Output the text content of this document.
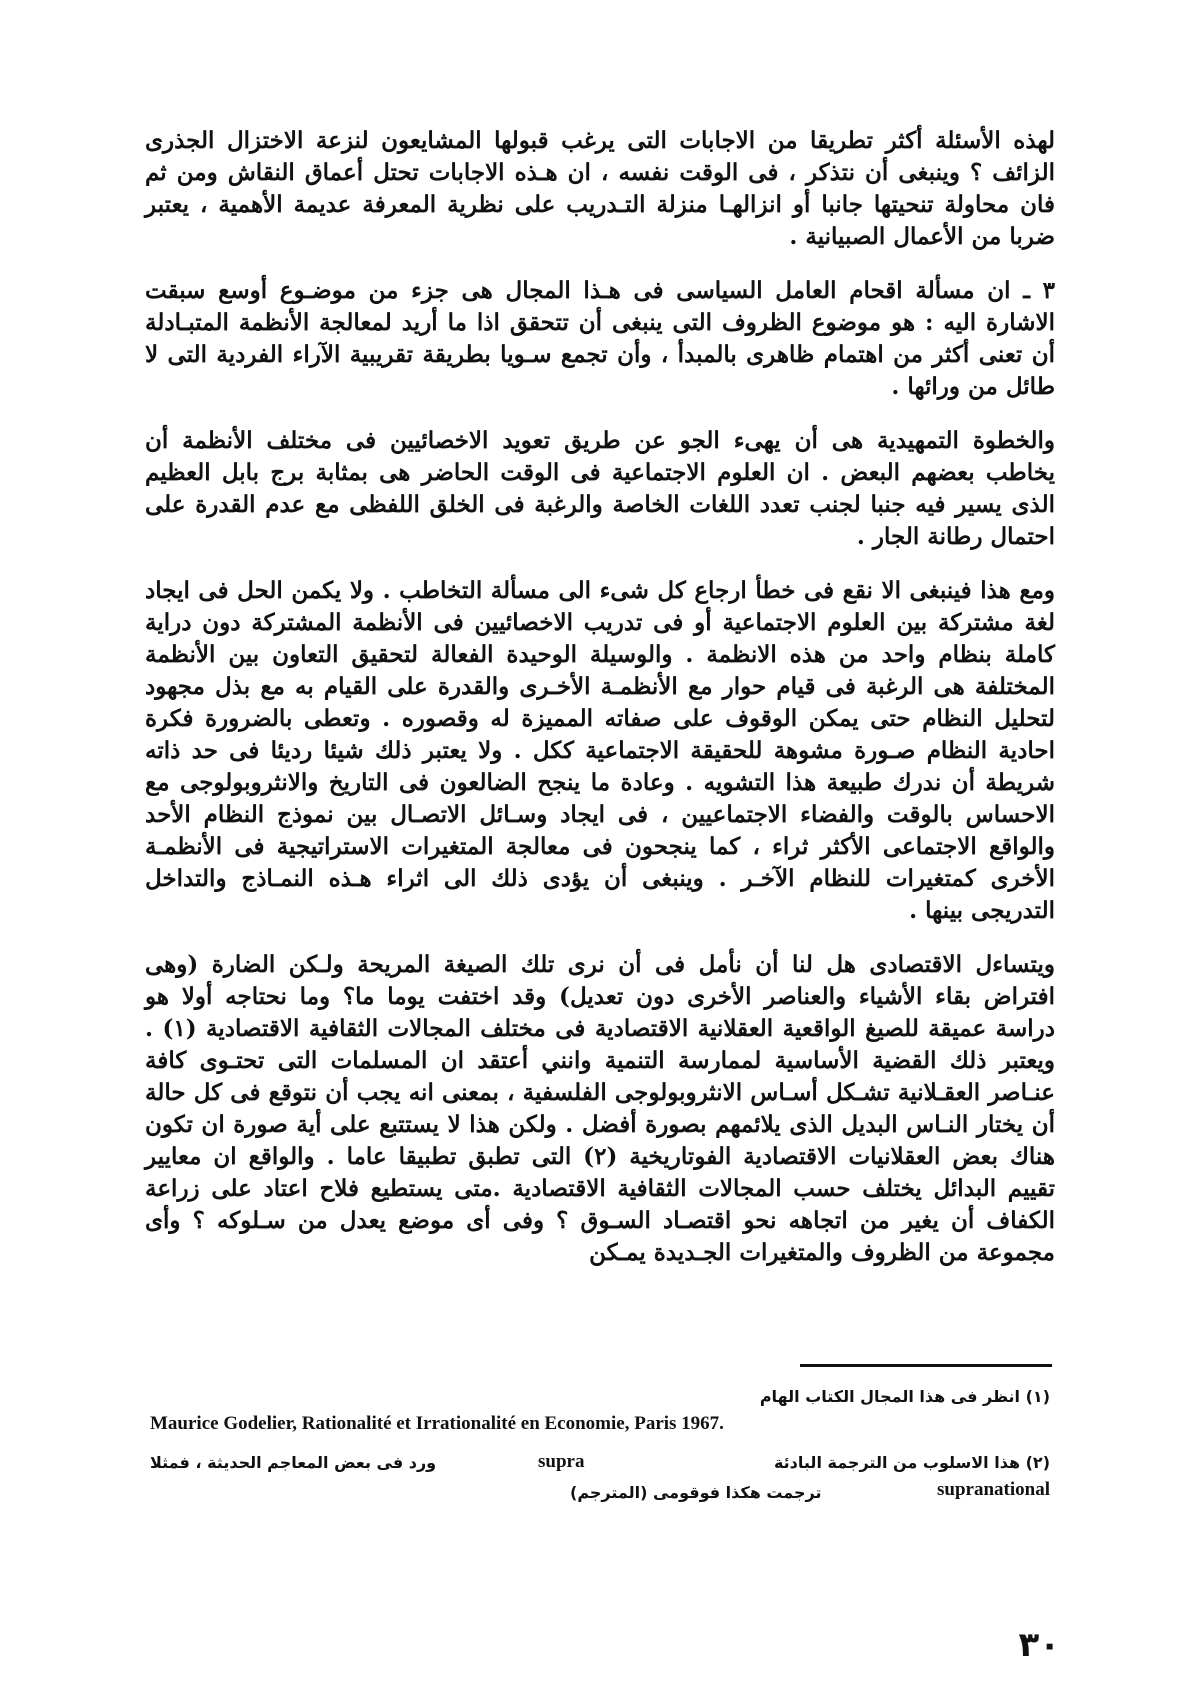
لهذه الأسئلة أكثر تطريقا من الاجابات التى يرغب قبولها المشايعون لنزعة الاختزال الجذرى الزائف ؟ وينبغى أن نتذكر ، فى الوقت نفسه ، ان هـذه الاجابات تحتل أعماق النقاش ومن ثم فان محاولة تنحيتها جانبا أو انزالهـا منزلة التـدريب على نظرية المعرفة عديمة الأهمية ، يعتبر ضربا من الأعمال الصبيانية .

٣ ـ ان مسألة اقحام العامل السياسى فى هـذا المجال هى جزء من موضـوع أوسع سبقت الاشارة اليه : هو موضوع الظروف التى ينبغى أن تتحقق اذا ما أريد لمعالجة الأنظمة المتبـادلة أن تعنى أكثر من اهتمام ظاهرى بالمبدأ ، وأن تجمع سـويا بطريقة تقريبية الآراء الفردية التى لا طائل من ورائها .

والخطوة التمهيدية هى أن يهىء الجو عن طريق تعويد الاخصائيين فى مختلف الأنظمة أن يخاطب بعضهم البعض . ان العلوم الاجتماعية فى الوقت الحاضر هى بمثابة برج بابل العظيم الذى يسير فيه جنبا لجنب تعدد اللغات الخاصة والرغبة فى الخلق اللفظى مع عدم القدرة على احتمال رطانة الجار .

ومع هذا فينبغى الا نقع فى خطأ ارجاع كل شىء الى مسألة التخاطب . ولا يكمن الحل فى ايجاد لغة مشتركة بين العلوم الاجتماعية أو فى تدريب الاخصائيين فى الأنظمة المشتركة دون دراية كاملة بنظام واحد من هذه الانظمة . والوسيلة الوحيدة الفعالة لتحقيق التعاون بين الأنظمة المختلفة هى الرغبة فى قيام حوار مع الأنظمـة الأخـرى والقدرة على القيام به مع بذل مجهود لتحليل النظام حتى يمكن الوقوف على صفاته المميزة له وقصوره . وتعطى بالضرورة فكرة احادية النظام صـورة مشوهة للحقيقة الاجتماعية ككل . ولا يعتبر ذلك شيئا رديئا فى حد ذاته شريطة أن ندرك طبيعة هذا التشويه . وعادة ما ينجح الضالعون فى التاريخ والانثروبولوجى مع الاحساس بالوقت والفضاء الاجتماعيين ، فى ايجاد وسـائل الاتصـال بين نموذج النظام الأحد والواقع الاجتماعى الأكثر ثراء ، كما ينجحون فى معالجة المتغيرات الاستراتيجية فى الأنظمـة الأخرى كمتغيرات للنظام الآخـر . وينبغى أن يؤدى ذلك الى اثراء هـذه النمـاذج والتداخل التدريجى بينها .

ويتساءل الاقتصادى هل لنا أن نأمل فى أن نرى تلك الصيغة المريحة ولـكن الضارة (وهى افتراض بقاء الأشياء والعناصر الأخرى دون تعديل) وقد اختفت يوما ما؟ وما نحتاجه أولا هو دراسة عميقة للصيغ الواقعية العقلانية الاقتصادية فى مختلف المجالات الثقافية الاقتصادية (١) . ويعتبر ذلك القضية الأساسية لممارسة التنمية وانني أعتقد ان المسلمات التى تحتـوى كافة عنـاصر العقـلانية تشـكل أسـاس الانثروبولوجى الفلسفية ، بمعنى انه يجب أن نتوقع فى كل حالة أن يختار النـاس البديل الذى يلائمهم بصورة أفضل . ولكن هذا لا يستتبع على أية صورة ان تكون هناك بعض العقلانيات الاقتصادية الفوتاريخية (٢) التى تطبق تطبيقا عاما . والواقع ان معايير تقييم البدائل يختلف حسب المجالات الثقافية الاقتصادية .متى يستطيع فلاح اعتاد على زراعة الكفاف أن يغير من اتجاهه نحو اقتصـاد السـوق ؟ وفى أى موضع يعدل من سـلوكه ؟ وأى مجموعة من الظروف والمتغيرات الجـديدة يمـكن

(١) انظر فى هذا المجال الكتاب الهام
Maurice Godelier, Rationalité et Irrationalité en Economie, Paris 1967.
(٢) هذا الاسلوب من الترجمة البادئة
supra
ورد فى بعض المعاجم الحديثة ، فمثلا
supranational
ترجمت هكذا فوقومى (المترجم)
٣٠
